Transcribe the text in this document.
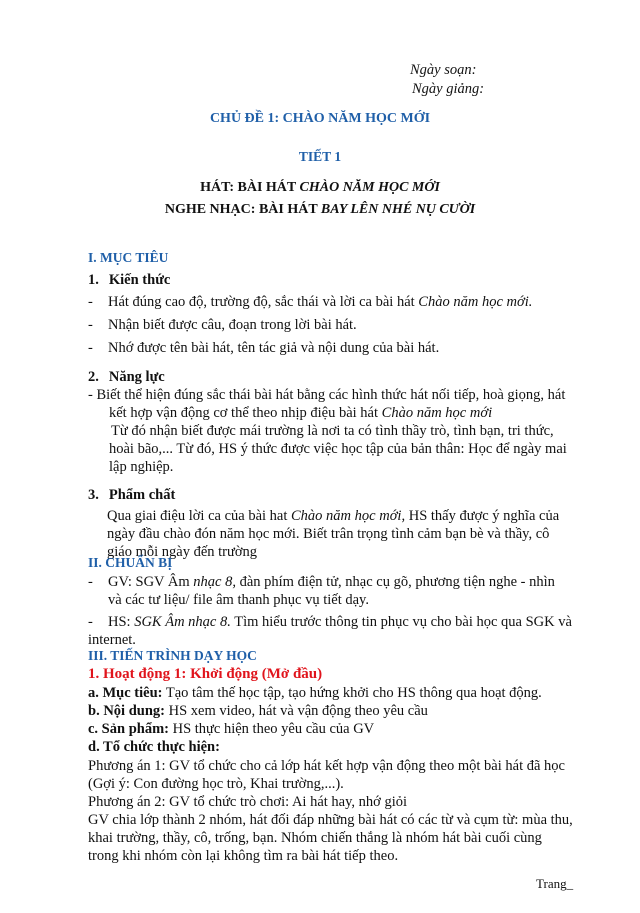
Ngày soạn:
Ngày giảng:
CHỦ ĐỀ 1: CHÀO NĂM HỌC MỚI
TIẾT 1
HÁT: BÀI HÁT CHÀO NĂM HỌC MỚI
NGHE NHẠC: BÀI HÁT BAY LÊN NHÉ NỤ CƯỜI
I. MỤC TIÊU
1. Kiến thức
- Hát đúng cao độ, trường độ, sắc thái và lời ca bài hát Chào năm học mới.
- Nhận biết được câu, đoạn trong lời bài hát.
- Nhớ được tên bài hát, tên tác giả và nội dung của bài hát.
2. Năng lực
- Biết thể hiện đúng sắc thái bài hát bằng các hình thức hát nối tiếp, hoà giọng, hát
kết hợp vận động cơ thể theo nhịp điệu bài hát Chào năm học mới
Từ đó nhận biết được mái trường là nơi ta có tình thầy trò, tình bạn, tri thức,
hoài bão,... Từ đó, HS ý thức được việc học tập của bản thân: Học để ngày mai
lập nghiệp.
3. Phẩm chất
Qua giai điệu lời ca của bài hat Chào năm học mới, HS thấy được ý nghĩa của
ngày đầu chào đón năm học mới. Biết trân trọng tình cảm bạn bè và thầy, cô
giáo mỗi ngày đến trường
II. CHUẨN BỊ
- GV: SGV Âm nhạc 8, đàn phím điện tử, nhạc cụ gõ, phương tiện nghe - nhìn
và các tư liệu/ file âm thanh phục vụ tiết dạy.
- HS: SGK Âm nhạc 8. Tìm hiểu trước thông tin phục vụ cho bài học qua SGK và
internet.
III. TIẾN TRÌNH DẠY HỌC
1. Hoạt động 1: Khởi động (Mở đầu)
a. Mục tiêu: Tạo tâm thế học tập, tạo hứng khởi cho HS thông qua hoạt động.
b. Nội dung: HS xem video, hát và vận động theo yêu cầu
c. Sản phẩm: HS thực hiện theo yêu cầu của GV
d. Tổ chức thực hiện:
Phương án 1: GV tổ chức cho cả lớp hát kết hợp vận động theo một bài hát đã học
(Gợi ý: Con đường học trò, Khai trường,...).
Phương án 2: GV tổ chức trò chơi: Ai hát hay, nhớ giỏi
GV chia lớp thành 2 nhóm, hát đối đáp những bài hát có các từ và cụm từ: mùa thu,
khai trường, thầy, cô, trống, bạn. Nhóm chiến thắng là nhóm hát bài cuối cùng
trong khi nhóm còn lại không tìm ra bài hát tiếp theo.
Trang_
